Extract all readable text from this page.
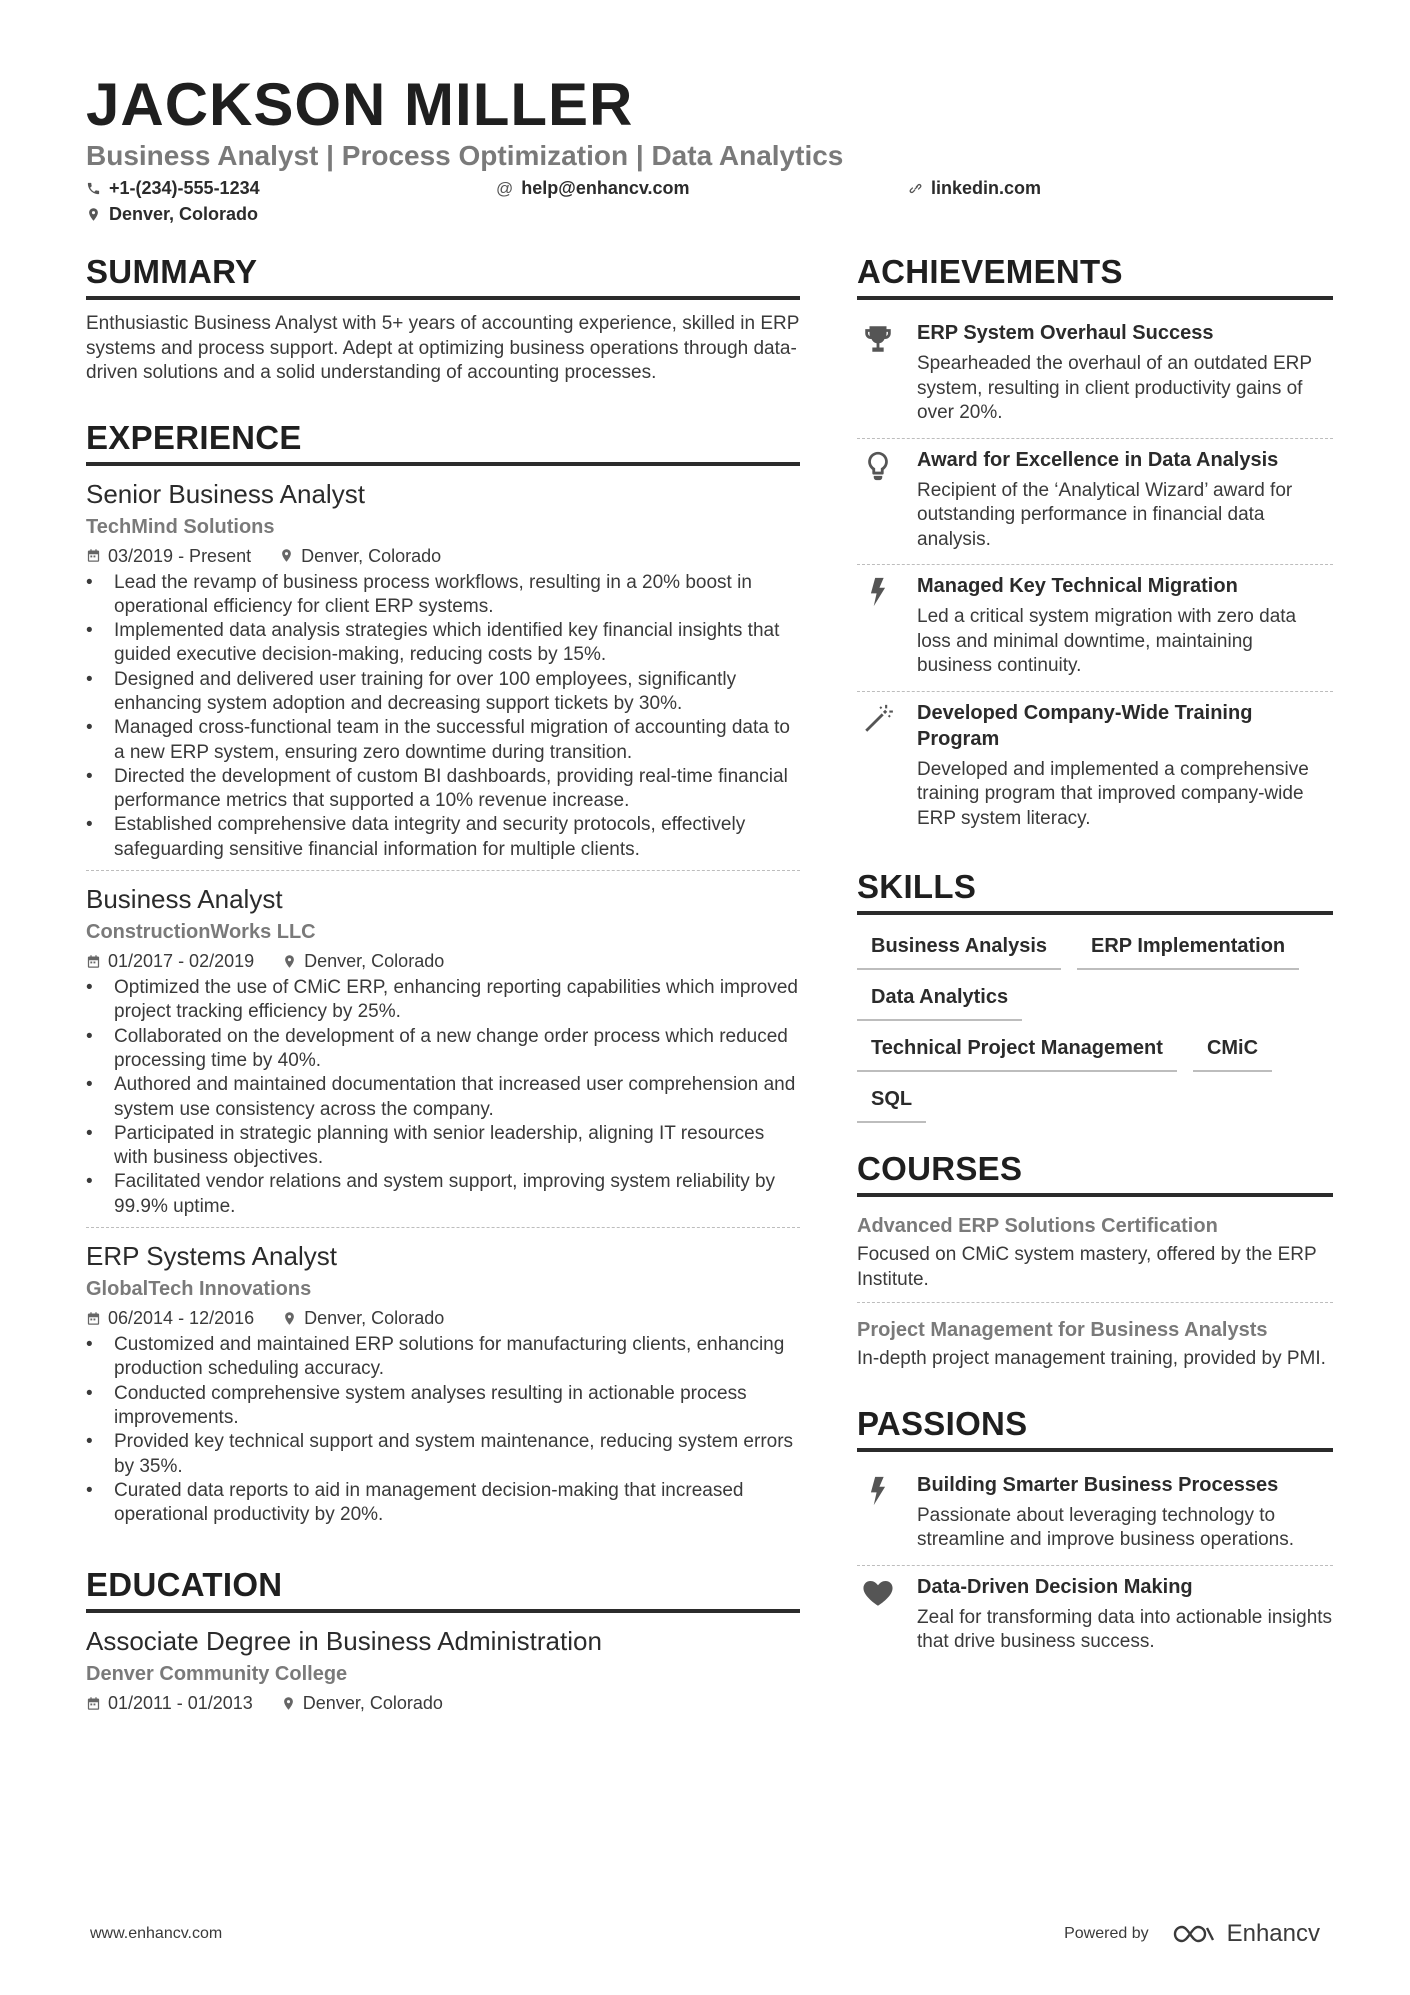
JACKSON MILLER
Business Analyst | Process Optimization | Data Analytics
+1-(234)-555-1234	@ help@enhancv.com	linkedin.com
Denver, Colorado
SUMMARY
Enthusiastic Business Analyst with 5+ years of accounting experience, skilled in ERP systems and process support. Adept at optimizing business operations through data-driven solutions and a solid understanding of accounting processes.
EXPERIENCE
Senior Business Analyst
TechMind Solutions
03/2019 - Present	Denver, Colorado
• Lead the revamp of business process workflows, resulting in a 20% boost in operational efficiency for client ERP systems.
• Implemented data analysis strategies which identified key financial insights that guided executive decision-making, reducing costs by 15%.
• Designed and delivered user training for over 100 employees, significantly enhancing system adoption and decreasing support tickets by 30%.
• Managed cross-functional team in the successful migration of accounting data to a new ERP system, ensuring zero downtime during transition.
• Directed the development of custom BI dashboards, providing real-time financial performance metrics that supported a 10% revenue increase.
• Established comprehensive data integrity and security protocols, effectively safeguarding sensitive financial information for multiple clients.
Business Analyst
ConstructionWorks LLC
01/2017 - 02/2019	Denver, Colorado
• Optimized the use of CMiC ERP, enhancing reporting capabilities which improved project tracking efficiency by 25%.
• Collaborated on the development of a new change order process which reduced processing time by 40%.
• Authored and maintained documentation that increased user comprehension and system use consistency across the company.
• Participated in strategic planning with senior leadership, aligning IT resources with business objectives.
• Facilitated vendor relations and system support, improving system reliability by 99.9% uptime.
ERP Systems Analyst
GlobalTech Innovations
06/2014 - 12/2016	Denver, Colorado
• Customized and maintained ERP solutions for manufacturing clients, enhancing production scheduling accuracy.
• Conducted comprehensive system analyses resulting in actionable process improvements.
• Provided key technical support and system maintenance, reducing system errors by 35%.
• Curated data reports to aid in management decision-making that increased operational productivity by 20%.
EDUCATION
Associate Degree in Business Administration
Denver Community College
01/2011 - 01/2013	Denver, Colorado
ACHIEVEMENTS
ERP System Overhaul Success
Spearheaded the overhaul of an outdated ERP system, resulting in client productivity gains of over 20%.
Award for Excellence in Data Analysis
Recipient of the ‘Analytical Wizard’ award for outstanding performance in financial data analysis.
Managed Key Technical Migration
Led a critical system migration with zero data loss and minimal downtime, maintaining business continuity.
Developed Company-Wide Training Program
Developed and implemented a comprehensive training program that improved company-wide ERP system literacy.
SKILLS
Business Analysis	ERP Implementation
Data Analytics
Technical Project Management	CMiC
SQL
COURSES
Advanced ERP Solutions Certification
Focused on CMiC system mastery, offered by the ERP Institute.
Project Management for Business Analysts
In-depth project management training, provided by PMI.
PASSIONS
Building Smarter Business Processes
Passionate about leveraging technology to streamline and improve business operations.
Data-Driven Decision Making
Zeal for transforming data into actionable insights that drive business success.
www.enhancv.com	Powered by	Enhancv
